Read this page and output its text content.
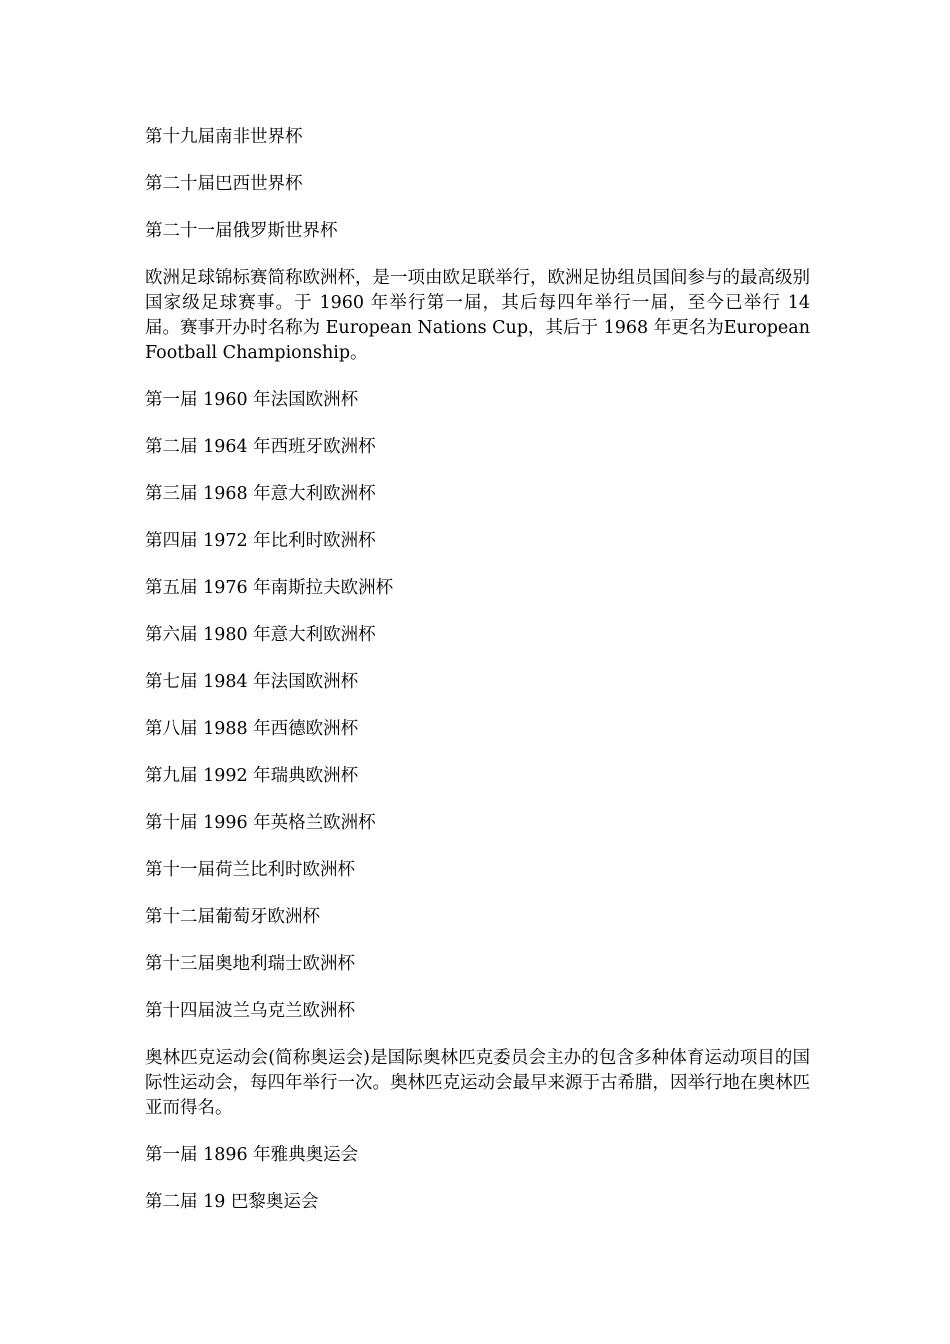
第十九届南非世界杯

第二十届巴西世界杯

第二十一届俄罗斯世界杯

欧洲足球锦标赛简称欧洲杯，是一项由欧足联举行，欧洲足协组员国间参与的最高级别国家级足球赛事。于 1960 年举行第一届，其后每四年举行一届，至今已举行 14 届。赛事开办时名称为 European Nations Cup，其后于 1968 年更名为European Football Championship。

第一届 1960 年法国欧洲杯

第二届 1964 年西班牙欧洲杯

第三届 1968 年意大利欧洲杯

第四届 1972 年比利时欧洲杯

第五届 1976 年南斯拉夫欧洲杯

第六届 1980 年意大利欧洲杯

第七届 1984 年法国欧洲杯

第八届 1988 年西德欧洲杯

第九届 1992 年瑞典欧洲杯

第十届 1996 年英格兰欧洲杯

第十一届荷兰比利时欧洲杯

第十二届葡萄牙欧洲杯

第十三届奥地利瑞士欧洲杯

第十四届波兰乌克兰欧洲杯

奥林匹克运动会(简称奥运会)是国际奥林匹克委员会主办的包含多种体育运动项目的国际性运动会，每四年举行一次。奥林匹克运动会最早来源于古希腊，因举行地在奥林匹亚而得名。

第一届 1896 年雅典奥运会

第二届 19 巴黎奥运会
